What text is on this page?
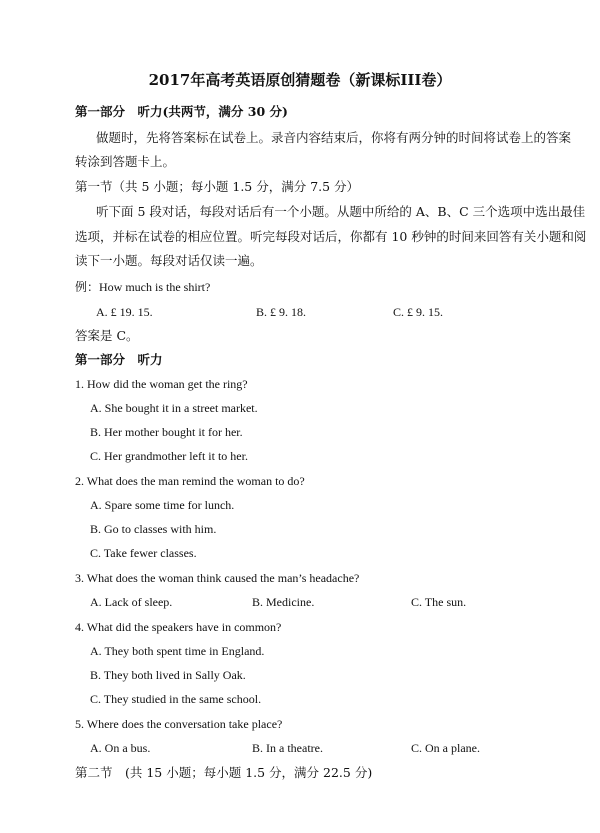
2017年高考英语原创猜题卷（新课标III卷）
第一部分　听力(共两节，满分 30 分)
做题时，先将答案标在试卷上。录音内容结束后，你将有两分钟的时间将试卷上的答案
转涂到答题卡上。
第一节（共 5 小题；每小题 1.5 分，满分 7.5 分）
听下面 5 段对话，每段对话后有一个小题。从题中所给的 A、B、C 三个选项中选出最佳
选项，并标在试卷的相应位置。听完每段对话后，你都有 10 秒钟的时间来回答有关小题和阅
读下一小题。每段对话仅读一遍。
例：How much is the shirt?
A. £ 19. 15.	B. £ 9. 18.	C. £ 9. 15.
答案是 C。
第一部分　听力
1. How did the woman get the ring?
A. She bought it in a street market.
B. Her mother bought it for her.
C. Her grandmother left it to her.
2. What does the man remind the woman to do?
A. Spare some time for lunch.
B. Go to classes with him.
C. Take fewer classes.
3. What does the woman think caused the man’s headache?
A. Lack of sleep.	B. Medicine.	C. The sun.
4. What did the speakers have in common?
A. They both spent time in England.
B. They both lived in Sally Oak.
C. They studied in the same school.
5. Where does the conversation take place?
A. On a bus.	B. In a theatre.	C. On a plane.
第二节　(共 15 小题；每小题 1.5 分，满分 22.5 分)
